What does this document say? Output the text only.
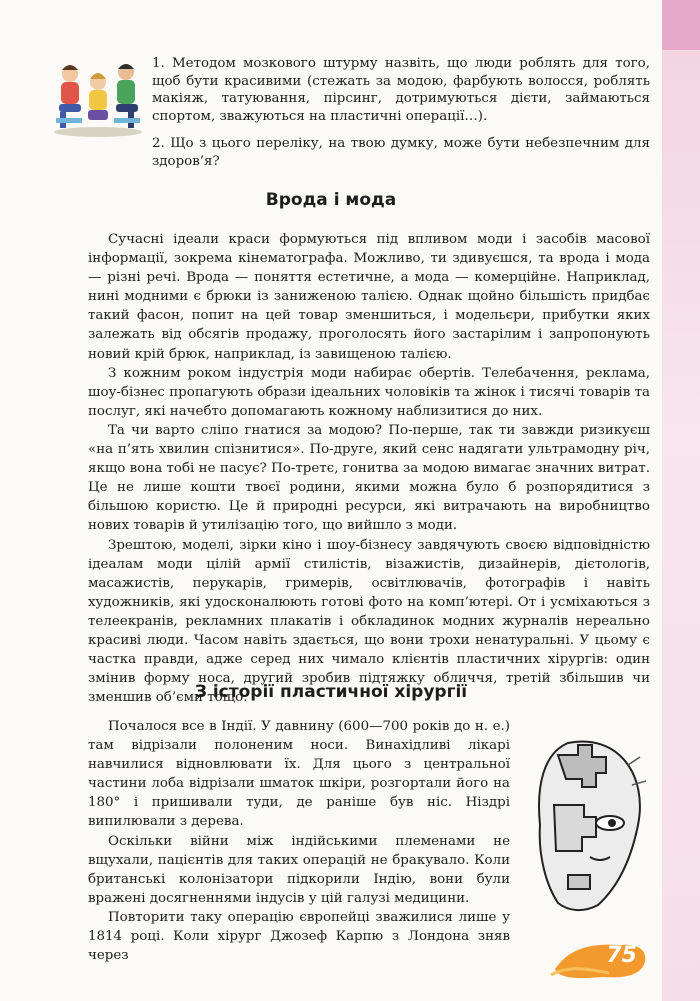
1. Методом мозкового штурму назвіть, що люди роблять для того, щоб бути красивими (стежать за модою, фарбують волосся, роблять макіяж, татуювання, пірсинг, дотримуються дієти, займаються спортом, зважуються на пластичні операції…).

2. Що з цього переліку, на твою думку, може бути небезпечним для здоров’я?

Врода і мода

Сучасні ідеали краси формуються під впливом моди і засобів масової інформації, зокрема кінематографа. Можливо, ти здивуєшся, та врода і мода — різні речі. Врода — поняття естетичне, а мода — комерційне. Наприклад, нині модними є брюки із заниженою талією. Однак щойно більшість придбає такий фасон, попит на цей товар зменшиться, і модельєри, прибутки яких залежать від обсягів продажу, проголосять його застарілим і запропонують новий крій брюк, наприклад, із завищеною талією.

З кожним роком індустрія моди набирає обертів. Телебачення, реклама, шоу-бізнес пропагують образи ідеальних чоловіків та жінок і тисячі товарів та послуг, які начебто допомагають кожному наблизитися до них.

Та чи варто сліпо гнатися за модою? По-перше, так ти завжди ризикуєш «на п’ять хвилин спізнитися». По-друге, який сенс надягати ультрамодну річ, якщо вона тобі не пасує? По-третє, гонитва за модою вимагає значних витрат. Це не лише кошти твоєї родини, якими можна було б розпорядитися з більшою користю. Це й природні ресурси, які витрачають на виробництво нових товарів й утилізацію того, що вийшло з моди.

Зрештою, моделі, зірки кіно і шоу-бізнесу завдячують своєю відповідністю ідеалам моди цілій армії стилістів, візажистів, дизайнерів, дієтологів, масажистів, перукарів, гримерів, освітлювачів, фотографів і навіть художників, які удосконалюють готові фото на комп’ютері. От і усміхаються з телеекранів, рекламних плакатів і обкладинок модних журналів нереально красиві люди. Часом навіть здається, що вони трохи ненатуральні. У цьому є частка правди, адже серед них чимало клієнтів пластичних хірургів: один змінив форму носа, другий зробив підтяжку обличчя, третій збільшив чи зменшив об’єми тощо.

З історії пластичної хірургії

Почалося все в Індії. У давнину (600—700 років до н. е.) там відрізали полоненим носи. Винахідливі лікарі навчилися відновлювати їх. Для цього з центральної частини лоба відрізали шматок шкіри, розгортали його на 180° і пришивали туди, де раніше був ніс. Ніздрі випилювали з дерева.

Оскільки війни між індійськими племенами не вщухали, пацієнтів для таких операцій не бракувало. Коли британські колонізатори підкорили Індію, вони були вражені досягненнями індусів у цій галузі медицини.

Повторити таку операцію європейці зважилися лише у 1814 році. Коли хірург Джозеф Карпю з Лондона зняв через	75
